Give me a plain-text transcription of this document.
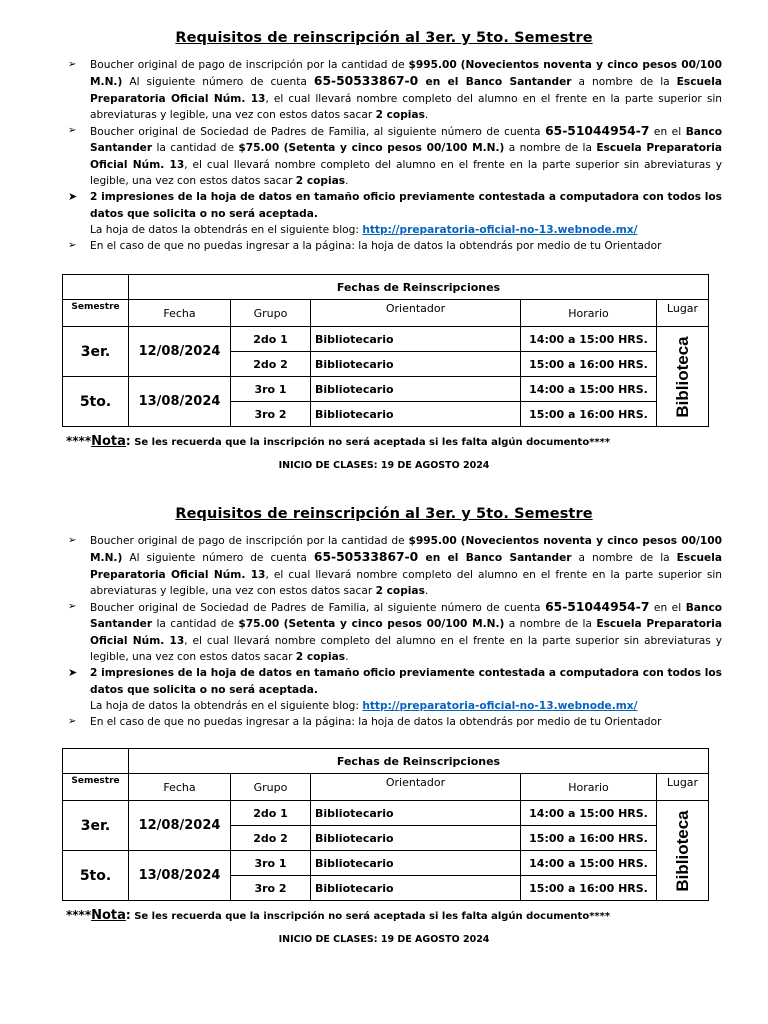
Requisitos de reinscripción al 3er. y 5to. Semestre
➢ Boucher original de pago de inscripción por la cantidad de $995.00 (Novecientos noventa y cinco pesos 00/100 M.N.) Al siguiente número de cuenta 65-50533867-0 en el Banco Santander a nombre de la Escuela Preparatoria Oficial Núm. 13, el cual llevará nombre completo del alumno en el frente en la parte superior sin abreviaturas y legible, una vez con estos datos sacar 2 copias.
➢ Boucher original de Sociedad de Padres de Familia, al siguiente número de cuenta 65-51044954-7 en el Banco Santander la cantidad de $75.00 (Setenta y cinco pesos 00/100 M.N.) a nombre de la Escuela Preparatoria Oficial Núm. 13, el cual llevará nombre completo del alumno en el frente en la parte superior sin abreviaturas y legible, una vez con estos datos sacar 2 copias.
➤ 2 impresiones de la hoja de datos en tamaño oficio previamente contestada a computadora con todos los datos que solicita o no será aceptada.
La hoja de datos la obtendrás en el siguiente blog: http://preparatoria-oficial-no-13.webnode.mx/
➢ En el caso de que no puedas ingresar a la página: la hoja de datos la obtendrás por medio de tu Orientador
	Fechas de Reinscripciones				
Semestre	Fecha	Grupo	Orientador	Horario	Lugar
3er.	12/08/2024	2do 1	Bibliotecario	14:00 a 15:00 HRS.	Biblioteca

		2do 2	Bibliotecario	15:00 a 16:00 HRS.	
5to.	13/08/2024	3ro 1	Bibliotecario	14:00 a 15:00 HRS.	
		3ro 2	Bibliotecario	15:00 a 16:00 HRS.	
****Nota: Se les recuerda que la inscripción no será aceptada si les falta algún documento****
INICIO DE CLASES: 19 DE AGOSTO 2024
Requisitos de reinscripción al 3er. y 5to. Semestre
➢ Boucher original de pago de inscripción por la cantidad de $995.00 (Novecientos noventa y cinco pesos 00/100 M.N.) Al siguiente número de cuenta 65-50533867-0 en el Banco Santander a nombre de la Escuela Preparatoria Oficial Núm. 13, el cual llevará nombre completo del alumno en el frente en la parte superior sin abreviaturas y legible, una vez con estos datos sacar 2 copias.
➢ Boucher original de Sociedad de Padres de Familia, al siguiente número de cuenta 65-51044954-7 en el Banco Santander la cantidad de $75.00 (Setenta y cinco pesos 00/100 M.N.) a nombre de la Escuela Preparatoria Oficial Núm. 13, el cual llevará nombre completo del alumno en el frente en la parte superior sin abreviaturas y legible, una vez con estos datos sacar 2 copias.
➤ 2 impresiones de la hoja de datos en tamaño oficio previamente contestada a computadora con todos los datos que solicita o no será aceptada.
La hoja de datos la obtendrás en el siguiente blog: http://preparatoria-oficial-no-13.webnode.mx/
➢ En el caso de que no puedas ingresar a la página: la hoja de datos la obtendrás por medio de tu Orientador
	Fechas de Reinscripciones				
Semestre	Fecha	Grupo	Orientador	Horario	Lugar
3er.	12/08/2024	2do 1	Bibliotecario	14:00 a 15:00 HRS.	Biblioteca

		2do 2	Bibliotecario	15:00 a 16:00 HRS.	
5to.	13/08/2024	3ro 1	Bibliotecario	14:00 a 15:00 HRS.	
		3ro 2	Bibliotecario	15:00 a 16:00 HRS.	
****Nota: Se les recuerda que la inscripción no será aceptada si les falta algún documento****
INICIO DE CLASES: 19 DE AGOSTO 2024
